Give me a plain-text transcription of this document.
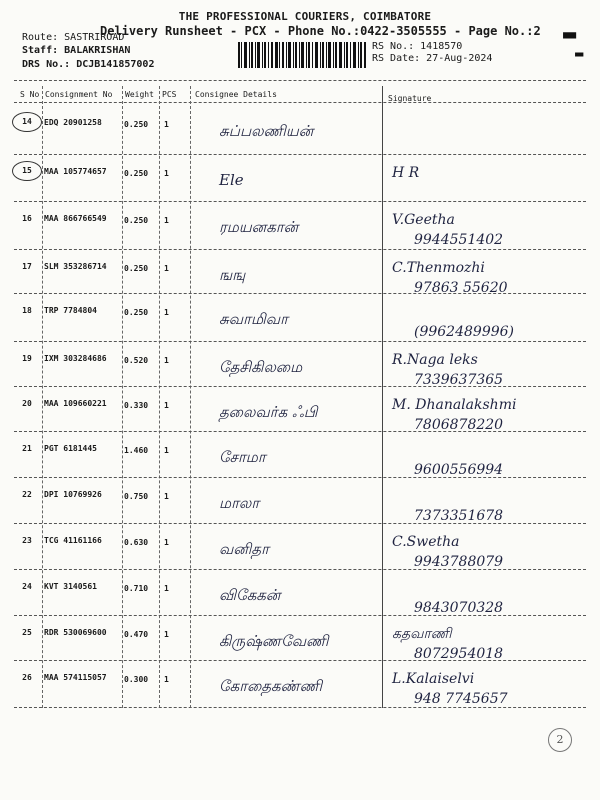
THE PROFESSIONAL COURIERS, COIMBATORE
Delivery Runsheet - PCX - Phone No.:0422-3505555 - Page No.:2
Route: SASTRIROAD
Staff: BALAKRISHAN
DRS No.: DCJB141857002
RS No.: 1418570
RS Date: 27-Aug-2024
▬
▬
S No Consignment No Weight PCS Consignee Details	Signature
14	EDQ 20901258	0.250 1	சுப்பலணியன்
15	MAA 105774657 0.250 1	Ele	H R
16	MAA 866766549 0.250 1	ரமயனகான்	V.Geetha
9944551402
17	SLM 353286714 0.250 1	ஙஙு	C.Thenmozhi
97863 55620
18	TRP 7784804	0.250 1	சுவாமிவா
(9962489996)
19	IXM 303284686 0.520 1	தேசிகிலமை	R.Naga leks
7339637365
20	MAA 109660221 0.330 1	தலைவர்க ஃபி	M. Dhanalakshmi
7806878220
21	PGT 6181445	1.460 1	சோமா
9600556994
22	DPI 10769926	0.750 1	மாலா
7373351678
23	TCG 41161166	0.630 1	வனிதா	C.Swetha
9943788079
24	KVT 3140561	0.710 1	விகேகன்
9843070328
25	RDR 530069600 0.470 1	கிருஷ்ணவேணி	கதவாணி
8072954018
26	MAA 574115057 0.300 1	கோதைகண்ணி	L.Kalaiselvi
948 7745657
2
